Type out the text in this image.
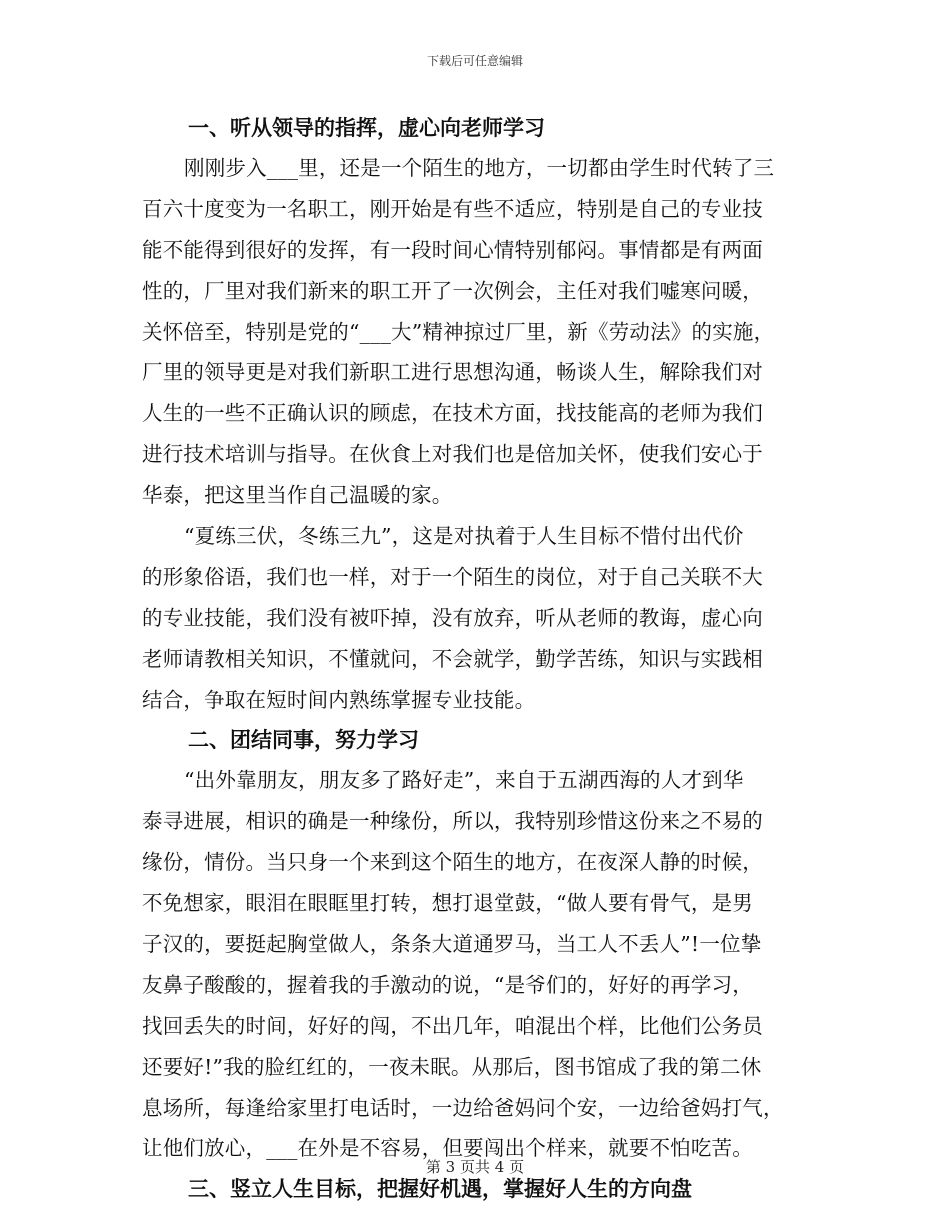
下载后可任意编辑
一、听从领导的指挥，虚心向老师学习
刚刚步入___里，还是一个陌生的地方，一切都由学生时代转了三
百六十度变为一名职工，刚开始是有些不适应，特别是自己的专业技
能不能得到很好的发挥，有一段时间心情特别郁闷。事情都是有两面
性的，厂里对我们新来的职工开了一次例会，主任对我们嘘寒问暖，
关怀倍至，特别是党的“___大”精神掠过厂里，新《劳动法》的实施，
厂里的领导更是对我们新职工进行思想沟通，畅谈人生，解除我们对
人生的一些不正确认识的顾虑，在技术方面，找技能高的老师为我们
进行技术培训与指导。在伙食上对我们也是倍加关怀，使我们安心于
华泰，把这里当作自己温暖的家。
“夏练三伏，冬练三九”，这是对执着于人生目标不惜付出代价
的形象俗语，我们也一样，对于一个陌生的岗位，对于自己关联不大
的专业技能，我们没有被吓掉，没有放弃，听从老师的教诲，虚心向
老师请教相关知识，不懂就问，不会就学，勤学苦练，知识与实践相
结合，争取在短时间内熟练掌握专业技能。
二、团结同事，努力学习
“出外靠朋友，朋友多了路好走”，来自于五湖西海的人才到华
泰寻进展，相识的确是一种缘份，所以，我特别珍惜这份来之不易的
缘份，情份。当只身一个来到这个陌生的地方，在夜深人静的时候，
不免想家，眼泪在眼眶里打转，想打退堂鼓，“做人要有骨气，是男
子汉的，要挺起胸堂做人，条条大道通罗马，当工人不丢人”!一位挚
友鼻子酸酸的，握着我的手激动的说，“是爷们的，好好的再学习，
找回丢失的时间，好好的闯，不出几年，咱混出个样，比他们公务员
还要好!”我的脸红红的，一夜未眠。从那后，图书馆成了我的第二休
息场所，每逢给家里打电话时，一边给爸妈问个安，一边给爸妈打气，
让他们放心，___在外是不容易，但要闯出个样来，就要不怕吃苦。
三、竖立人生目标，把握好机遇，掌握好人生的方向盘
第 3 页共 4 页
